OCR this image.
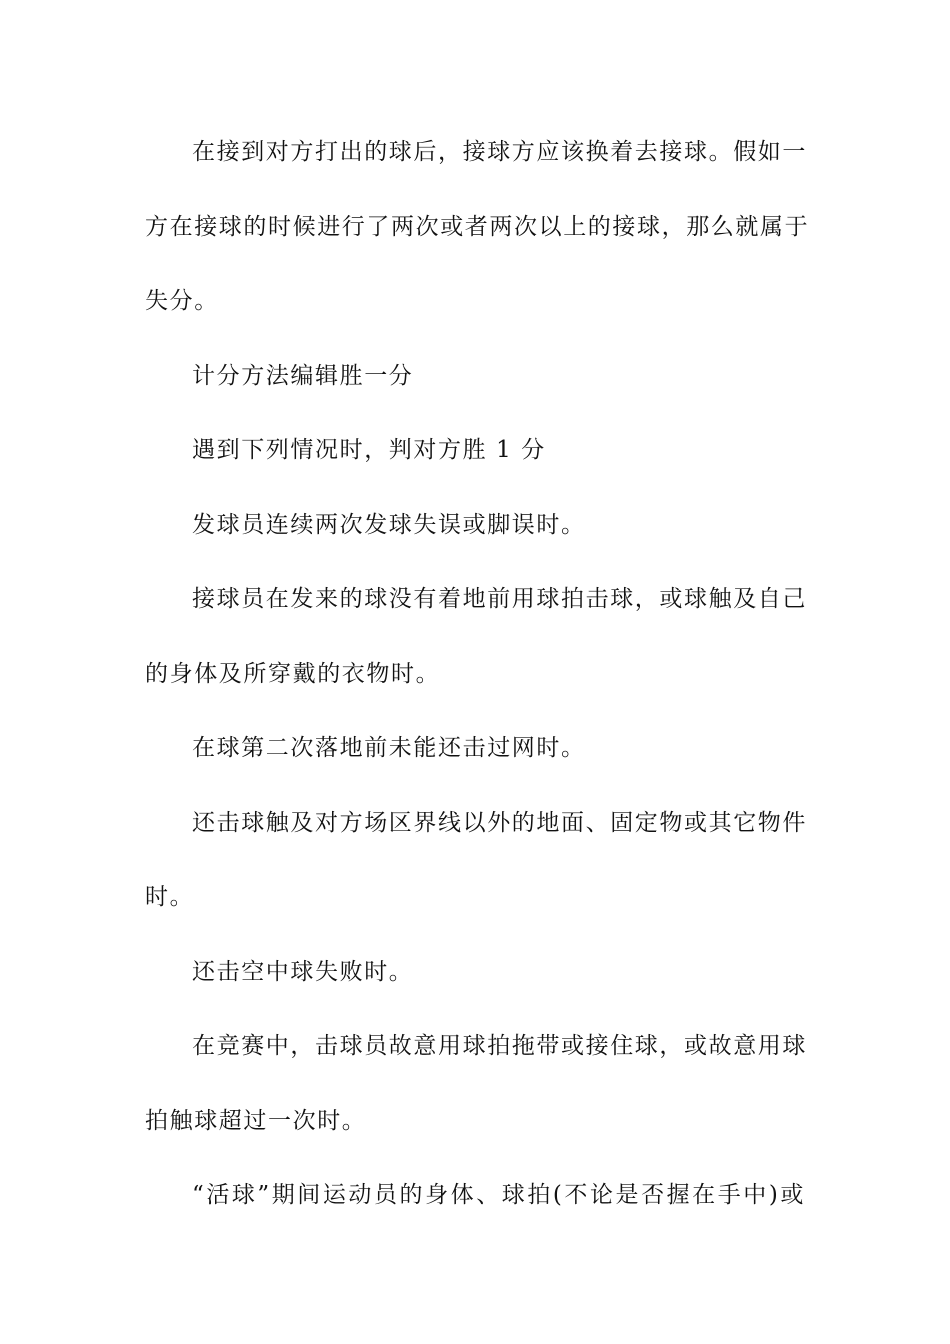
在接到对方打出的球后，接球方应该换着去接球。假如一
方在接球的时候进行了两次或者两次以上的接球，那么就属于
失分。
计分方法编辑胜一分
遇到下列情况时，判对方胜 1 分
发球员连续两次发球失误或脚误时。
接球员在发来的球没有着地前用球拍击球，或球触及自己
的身体及所穿戴的衣物时。
在球第二次落地前未能还击过网时。
还击球触及对方场区界线以外的地面、固定物或其它物件
时。
还击空中球失败时。
在竞赛中，击球员故意用球拍拖带或接住球，或故意用球
拍触球超过一次时。
“活球”期间运动员的身体、球拍(不论是否握在手中)或
